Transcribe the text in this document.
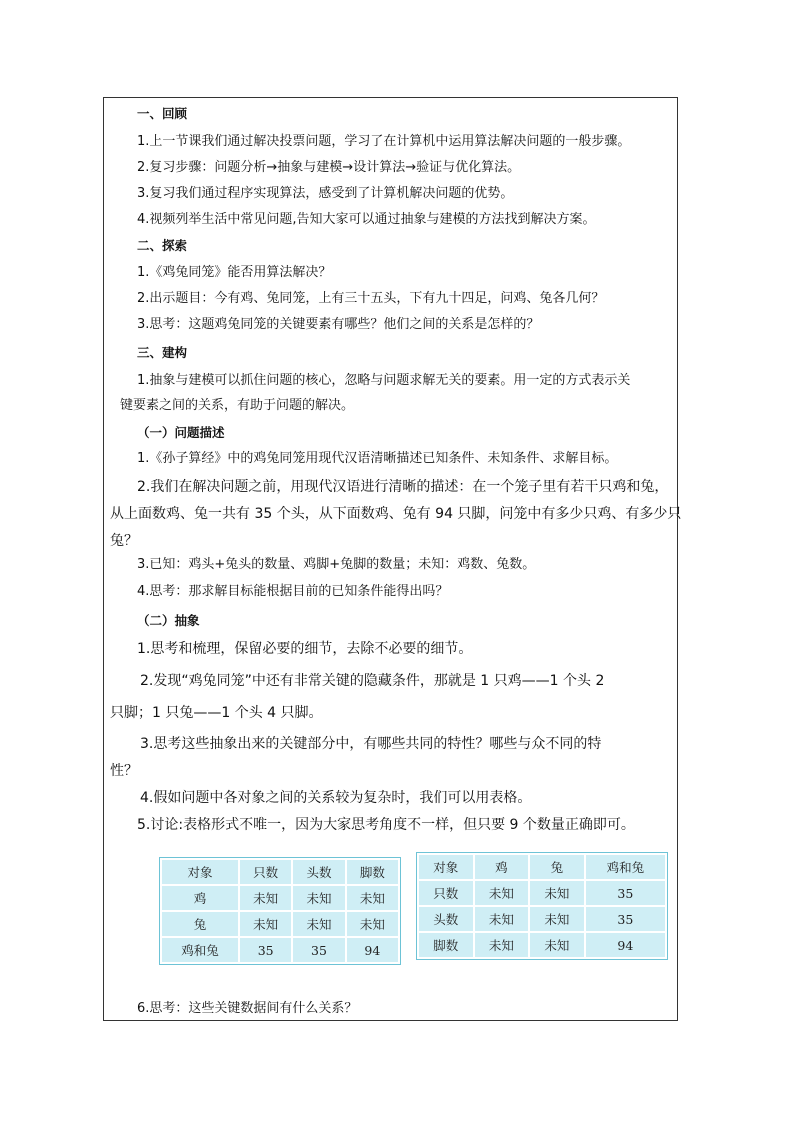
一、回顾
1.上一节课我们通过解决投票问题，学习了在计算机中运用算法解决问题的一般步骤。
2.复习步骤：问题分析→抽象与建模→设计算法→验证与优化算法。
3.复习我们通过程序实现算法，感受到了计算机解决问题的优势。
4.视频列举生活中常见问题,告知大家可以通过抽象与建模的方法找到解决方案。
二、探索
1.《鸡兔同笼》能否用算法解决？
2.出示题目：今有鸡、兔同笼，上有三十五头，下有九十四足，问鸡、兔各几何？
3.思考：这题鸡兔同笼的关键要素有哪些？他们之间的关系是怎样的？
三、建构
1.抽象与建模可以抓住问题的核心，忽略与问题求解无关的要素。用一定的方式表示关
键要素之间的关系，有助于问题的解决。
（一）问题描述
1.《孙子算经》中的鸡兔同笼用现代汉语清晰描述已知条件、未知条件、求解目标。
2.我们在解决问题之前，用现代汉语进行清晰的描述：在一个笼子里有若干只鸡和兔，
从上面数鸡、兔一共有 35 个头，从下面数鸡、兔有 94 只脚，问笼中有多少只鸡、有多少只
兔？
3.已知：鸡头+兔头的数量、鸡脚+兔脚的数量；未知：鸡数、兔数。
4.思考：那求解目标能根据目前的已知条件能得出吗？
（二）抽象
1.思考和梳理，保留必要的细节，去除不必要的细节。
2.发现“鸡兔同笼”中还有非常关键的隐藏条件，那就是 1 只鸡——1 个头 2
只脚；1 只兔——1 个头 4 只脚。
3.思考这些抽象出来的关键部分中，有哪些共同的特性？哪些与众不同的特
性？
4.假如问题中各对象之间的关系较为复杂时，我们可以用表格。
5.讨论:表格形式不唯一，因为大家思考角度不一样，但只要 9 个数量正确即可。
对象	只数	头数	脚数
鸡	未知	未知	未知
兔	未知	未知	未知
鸡和兔	35	35	94
对象	鸡	兔	鸡和兔
只数	未知	未知	35
头数	未知	未知	35
脚数	未知	未知	94
6.思考：这些关键数据间有什么关系？
